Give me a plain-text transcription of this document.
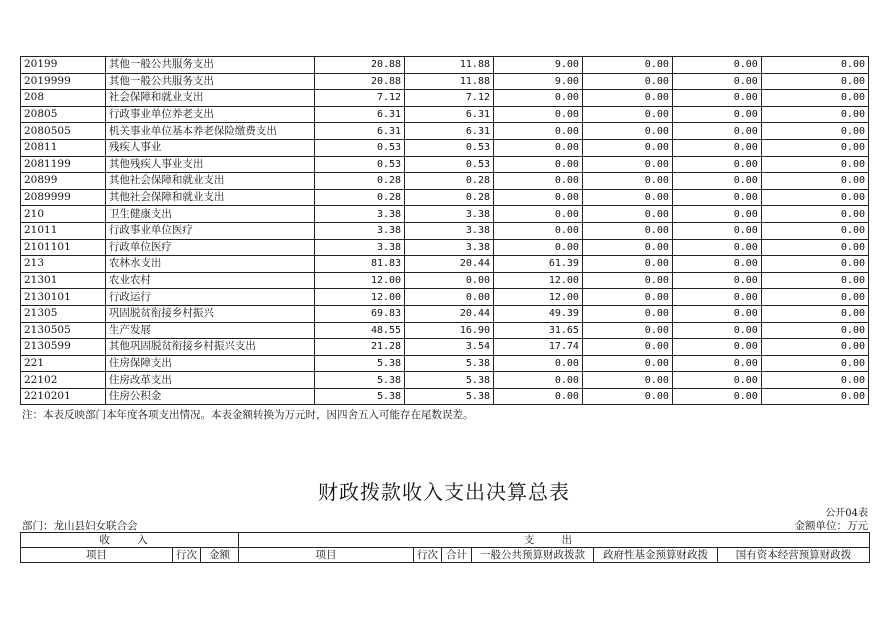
20199	其他一般公共服务支出	20.88	11.88	9.00	0.00	0.00	0.00
2019999	其他一般公共服务支出	20.88	11.88	9.00	0.00	0.00	0.00
208	社会保障和就业支出	7.12	7.12	0.00	0.00	0.00	0.00
20805	行政事业单位养老支出	6.31	6.31	0.00	0.00	0.00	0.00
2080505	机关事业单位基本养老保险缴费支出	6.31	6.31	0.00	0.00	0.00	0.00
20811	残疾人事业	0.53	0.53	0.00	0.00	0.00	0.00
2081199	其他残疾人事业支出	0.53	0.53	0.00	0.00	0.00	0.00
20899	其他社会保障和就业支出	0.28	0.28	0.00	0.00	0.00	0.00
2089999	其他社会保障和就业支出	0.28	0.28	0.00	0.00	0.00	0.00
210	卫生健康支出	3.38	3.38	0.00	0.00	0.00	0.00
21011	行政事业单位医疗	3.38	3.38	0.00	0.00	0.00	0.00
2101101	行政单位医疗	3.38	3.38	0.00	0.00	0.00	0.00
213	农林水支出	81.83	20.44	61.39	0.00	0.00	0.00
21301	农业农村	12.00	0.00	12.00	0.00	0.00	0.00
2130101	行政运行	12.00	0.00	12.00	0.00	0.00	0.00
21305	巩固脱贫衔接乡村振兴	69.83	20.44	49.39	0.00	0.00	0.00
2130505	生产发展	48.55	16.90	31.65	0.00	0.00	0.00
2130599	其他巩固脱贫衔接乡村振兴支出	21.28	3.54	17.74	0.00	0.00	0.00
221	住房保障支出	5.38	5.38	0.00	0.00	0.00	0.00
22102	住房改革支出	5.38	5.38	0.00	0.00	0.00	0.00
2210201	住房公积金	5.38	5.38	0.00	0.00	0.00	0.00
注：本表反映部门本年度各项支出情况。本表金额转换为万元时，因四舍五入可能存在尾数误差。
财政拨款收入支出决算总表
公开04表
部门：龙山县妇女联合会	金额单位：万元
收 入			支 出					
项目	行次	金额	项目	行次	合计	一般公共预算财政拨款	政府性基金预算财政拨	国有资本经营预算财政拨
